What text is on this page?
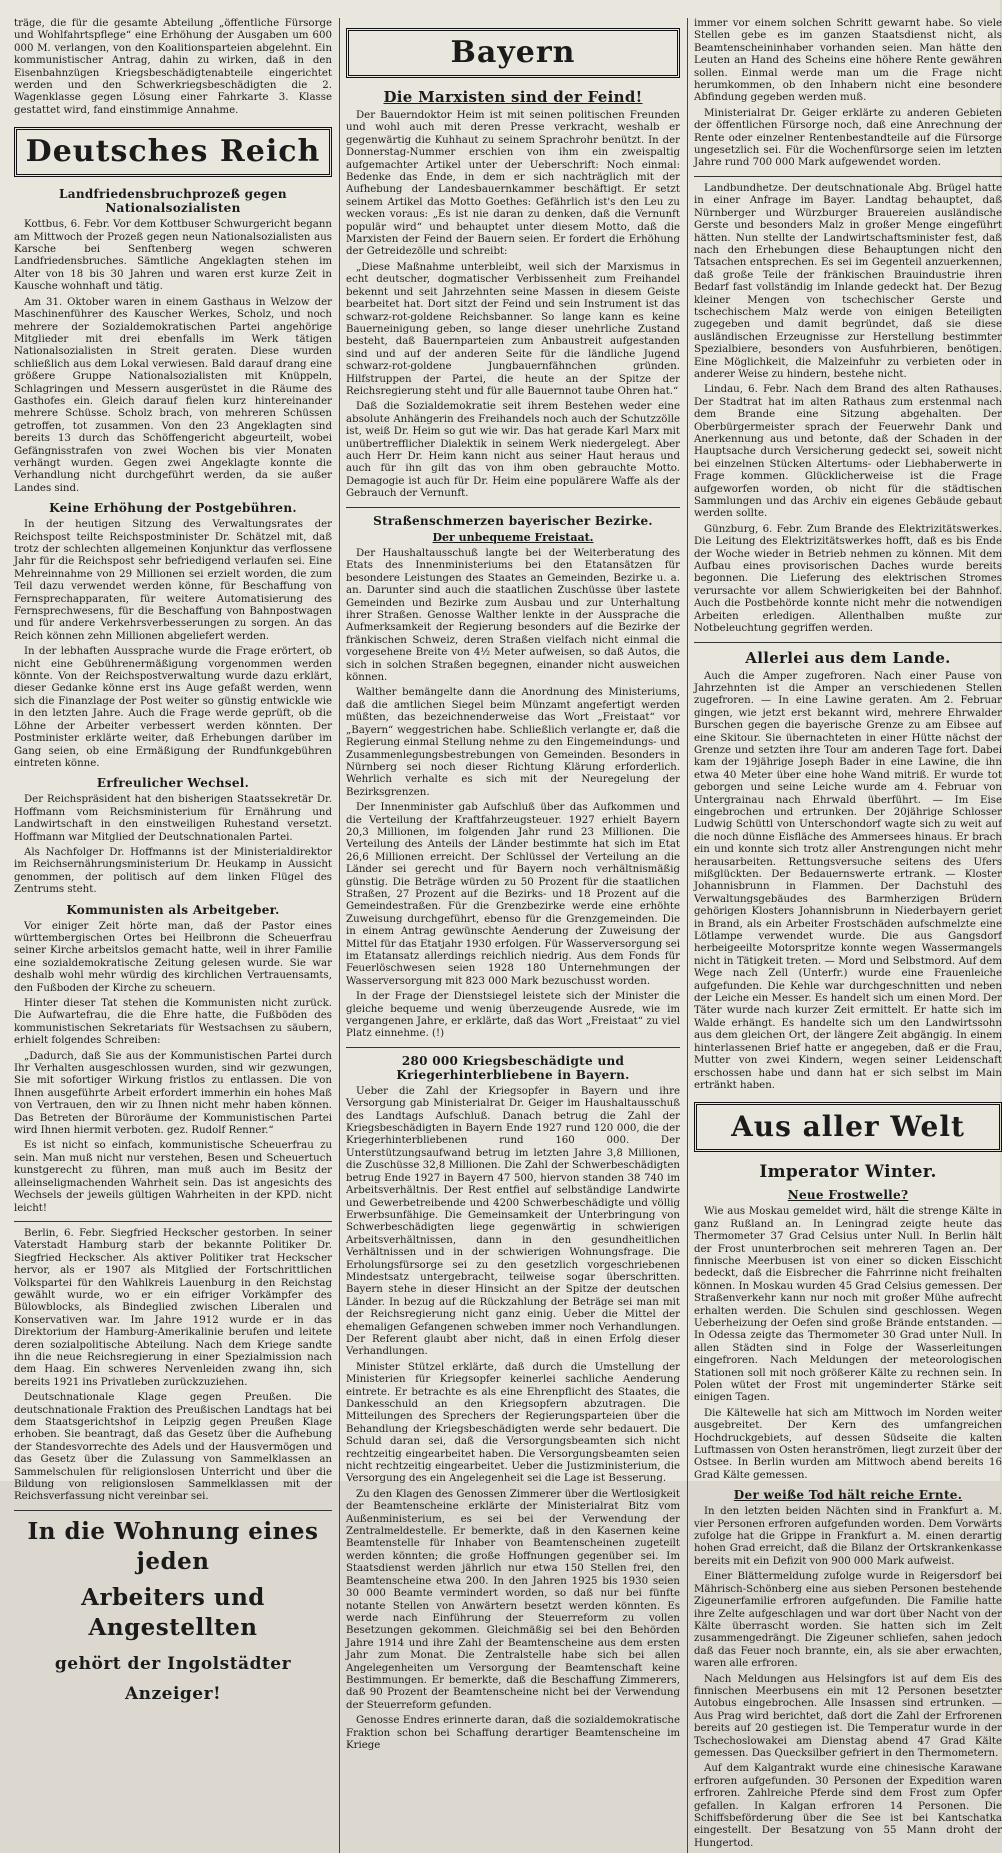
träge, die für die gesamte Abteilung „öffentliche Fürsorge und Wohlfahrtspflege“ eine Erhöhung der Ausgaben um 600 000 M. verlangen, von den Koalitionsparteien abgelehnt. Ein kommunistischer Antrag, dahin zu wirken, daß in den Eisenbahnzügen Kriegsbeschädigtenabteile eingerichtet werden und den Schwerkriegsbeschädigten die 2. Wagenklasse gegen Lösung einer Fahrkarte 3. Klasse gestattet wird, fand einstimmige Annahme.

Deutsches Reich
Landfriedensbruchprozeß gegen Nationalsozialisten

Kottbus, 6. Febr. Vor dem Kottbuser Schwurgericht begann am Mittwoch der Prozeß gegen neun Nationalsozialisten aus Karsche bei Senftenberg wegen schweren Landfriedensbruches. Sämtliche Angeklagten stehen im Alter von 18 bis 30 Jahren und waren erst kurze Zeit in Kausche wohnhaft und tätig.

Am 31. Oktober waren in einem Gasthaus in Welzow der Maschinenführer des Kauscher Werkes, Scholz, und noch mehrere der Sozialdemokratischen Partei angehörige Mitglieder mit drei ebenfalls im Werk tätigen Nationalsozialisten in Streit geraten. Diese wurden schließlich aus dem Lokal verwiesen. Bald darauf drang eine größere Gruppe Nationalsozialisten mit Knüppeln, Schlagringen und Messern ausgerüstet in die Räume des Gasthofes ein. Gleich darauf fielen kurz hintereinander mehrere Schüsse. Scholz brach, von mehreren Schüssen getroffen, tot zusammen. Von den 23 Angeklagten sind bereits 13 durch das Schöffengericht abgeurteilt, wobei Gefängnisstrafen von zwei Wochen bis vier Monaten verhängt wurden. Gegen zwei Angeklagte konnte die Verhandlung nicht durchgeführt werden, da sie außer Landes sind.

Keine Erhöhung der Postgebühren.

In der heutigen Sitzung des Verwaltungsrates der Reichspost teilte Reichspostminister Dr. Schätzel mit, daß trotz der schlechten allgemeinen Konjunktur das verflossene Jahr für die Reichspost sehr befriedigend verlaufen sei. Eine Mehreinnahme von 29 Millionen sei erzielt worden, die zum Teil dazu verwendet werden könne, für Beschaffung von Fernsprechapparaten, für weitere Automatisierung des Fernsprechwesens, für die Beschaffung von Bahnpostwagen und für andere Verkehrsverbesserungen zu sorgen. An das Reich können zehn Millionen abgeliefert werden.

In der lebhaften Aussprache wurde die Frage erörtert, ob nicht eine Gebührenermäßigung vorgenommen werden könnte. Von der Reichspostverwaltung wurde dazu erklärt, dieser Gedanke könne erst ins Auge gefaßt werden, wenn sich die Finanzlage der Post weiter so günstig entwickle wie in den letzten Jahre. Auch die Frage werde geprüft, ob die Löhne der Arbeiter verbessert werden könnten. Der Postminister erklärte weiter, daß Erhebungen darüber im Gang seien, ob eine Ermäßigung der Rundfunkgebühren eintreten könne.

Erfreulicher Wechsel.

Der Reichspräsident hat den bisherigen Staatssekretär Dr. Hoffmann vom Reichsministerium für Ernährung und Landwirtschaft in den einstweiligen Ruhestand versetzt. Hoffmann war Mitglied der Deutschnationalen Partei.

Als Nachfolger Dr. Hoffmanns ist der Ministerialdirektor im Reichsernährungsministerium Dr. Heukamp in Aussicht genommen, der politisch auf dem linken Flügel des Zentrums steht.

Kommunisten als Arbeitgeber.

Vor einiger Zeit hörte man, daß der Pastor eines württembergischen Ortes bei Heilbronn die Scheuerfrau seiner Kirche arbeitslos gemacht hatte, weil in ihrer Familie eine sozialdemokratische Zeitung gelesen wurde. Sie war deshalb wohl mehr würdig des kirchlichen Vertrauensamts, den Fußboden der Kirche zu scheuern.

Hinter dieser Tat stehen die Kommunisten nicht zurück. Die Aufwartefrau, die die Ehre hatte, die Fußböden des kommunistischen Sekretariats für Westsachsen zu säubern, erhielt folgendes Schreiben:

„Dadurch, daß Sie aus der Kommunistischen Partei durch Ihr Verhalten ausgeschlossen wurden, sind wir gezwungen, Sie mit sofortiger Wirkung fristlos zu entlassen. Die von Ihnen ausgeführte Arbeit erfordert immerhin ein hohes Maß von Vertrauen, den wir zu Ihnen nicht mehr haben können. Das Betreten der Büroräume der Kommunistischen Partei wird Ihnen hiermit verboten. gez. Rudolf Renner.“

Es ist nicht so einfach, kommunistische Scheuerfrau zu sein. Man muß nicht nur verstehen, Besen und Scheuertuch kunstgerecht zu führen, man muß auch im Besitz der alleinseligmachenden Wahrheit sein. Das ist angesichts des Wechsels der jeweils gültigen Wahrheiten in der KPD. nicht leicht!

Berlin, 6. Febr. Siegfried Heckscher gestorben. In seiner Vaterstadt Hamburg starb der bekannte Politiker Dr. Siegfried Heckscher. Als aktiver Politiker trat Heckscher hervor, als er 1907 als Mitglied der Fortschrittlichen Volkspartei für den Wahlkreis Lauenburg in den Reichstag gewählt wurde, wo er ein eifriger Vorkämpfer des Bülowblocks, als Bindeglied zwischen Liberalen und Konservativen war. Im Jahre 1912 wurde er in das Direktorium der Hamburg-Amerikalinie berufen und leitete deren sozialpolitische Abteilung. Nach dem Kriege sandte ihn die neue Reichsregierung in einer Spezialmission nach dem Haag. Ein schweres Nervenleiden zwang ihn, sich bereits 1921 ins Privatleben zurückzuziehen.

Deutschnationale Klage gegen Preußen. Die deutschnationale Fraktion des Preußischen Landtags hat bei dem Staatsgerichtshof in Leipzig gegen Preußen Klage erhoben. Sie beantragt, daß das Gesetz über die Aufhebung der Standesvorrechte des Adels und der Hausvermögen und das Gesetz über die Zulassung von Sammelklassen an Sammelschulen für religionslosen Unterricht und über die Bildung von religionslosen Sammelklassen mit der Reichsverfassung nicht vereinbar sei.

In die Wohnung eines jeden
Arbeiters und Angestellten
gehört der Ingolstädter Anzeiger!
Bayern
Die Marxisten sind der Feind!

Der Bauerndoktor Heim ist mit seinen politischen Freunden und wohl auch mit deren Presse verkracht, weshalb er gegenwärtig die Kuhhaut zu seinem Sprachrohr benützt. In der Donnerstag-Nummer erschien von ihm ein zweispaltig aufgemachter Artikel unter der Ueberschrift: Noch einmal: Bedenke das Ende, in dem er sich nachträglich mit der Aufhebung der Landesbauernkammer beschäftigt. Er setzt seinem Artikel das Motto Goethes: Gefährlich ist's den Leu zu wecken voraus: „Es ist nie daran zu denken, daß die Vernunft populär wird“ und behauptet unter diesem Motto, daß die Marxisten der Feind der Bauern seien. Er fordert die Erhöhung der Getreidezölle und schreibt:

„Diese Maßnahme unterbleibt, weil sich der Marxismus in echt deutscher, dogmatischer Verbissenheit zum Freihandel bekennt und seit Jahrzehnten seine Massen in diesem Geiste bearbeitet hat. Dort sitzt der Feind und sein Instrument ist das schwarz-rot-goldene Reichsbanner. So lange kann es keine Bauerneinigung geben, so lange dieser unehrliche Zustand besteht, daß Bauernparteien zum Anbaustreit aufgestanden sind und auf der anderen Seite für die ländliche Jugend schwarz-rot-goldene Jungbauernfähnchen gründen. Hilfstruppen der Partei, die heute an der Spitze der Reichsregierung steht und für alle Bauernnot taube Ohren hat.“

Daß die Sozialdemokratie seit ihrem Bestehen weder eine absolute Anhängerin des Freihandels noch auch der Schutzzölle ist, weiß Dr. Heim so gut wie wir. Das hat gerade Karl Marx mit unübertrefflicher Dialektik in seinem Werk niedergelegt. Aber auch Herr Dr. Heim kann nicht aus seiner Haut heraus und auch für ihn gilt das von ihm oben gebrauchte Motto. Demagogie ist auch für Dr. Heim eine populärere Waffe als der Gebrauch der Vernunft.

Straßenschmerzen bayerischer Bezirke.
Der unbequeme Freistaat.

Der Haushaltausschuß langte bei der Weiterberatung des Etats des Innenministeriums bei den Etatansätzen für besondere Leistungen des Staates an Gemeinden, Bezirke u. a. an. Darunter sind auch die staatlichen Zuschüsse über lastete Gemeinden und Bezirke zum Ausbau und zur Unterhaltung ihrer Straßen. Genosse Walther lenkte in der Aussprache die Aufmerksamkeit der Regierung besonders auf die Bezirke der fränkischen Schweiz, deren Straßen vielfach nicht einmal die vorgesehene Breite von 4½ Meter aufweisen, so daß Autos, die sich in solchen Straßen begegnen, einander nicht ausweichen können.

Walther bemängelte dann die Anordnung des Ministeriums, daß die amtlichen Siegel beim Münzamt angefertigt werden müßten, das bezeichnenderweise das Wort „Freistaat“ vor „Bayern“ weggestrichen habe. Schließlich verlangte er, daß die Regierung einmal Stellung nehme zu den Eingemeindungs- und Zusammenlegungsbestrebungen von Gemeinden. Besonders in Nürnberg sei noch dieser Richtung Klärung erforderlich. Wehrlich verhalte es sich mit der Neuregelung der Bezirksgrenzen.

Der Innenminister gab Aufschluß über das Aufkommen und die Verteilung der Kraftfahrzeugsteuer. 1927 erhielt Bayern 20,3 Millionen, im folgenden Jahr rund 23 Millionen. Die Verteilung des Anteils der Länder bestimmte hat sich im Etat 26,6 Millionen erreicht. Der Schlüssel der Verteilung an die Länder sei gerecht und für Bayern noch verhältnismäßig günstig. Die Beträge würden zu 50 Prozent für die staatlichen Straßen, 27 Prozent auf die Bezirks- und 18 Prozent auf die Gemeindestraßen. Für die Grenzbezirke werde eine erhöhte Zuweisung durchgeführt, ebenso für die Grenzgemeinden. Die in einem Antrag gewünschte Aenderung der Zuweisung der Mittel für das Etatjahr 1930 erfolgen. Für Wasserversorgung sei im Etatansatz allerdings reichlich niedrig. Aus dem Fonds für Feuerlöschwesen seien 1928 180 Unternehmungen der Wasserversorgung mit 823 000 Mark bezuschusst worden.

In der Frage der Dienstsiegel leistete sich der Minister die gleiche bequeme und wenig überzeugende Ausrede, wie im vergangenen Jahre, er erklärte, daß das Wort „Freistaat“ zu viel Platz einnehme. (!)

280 000 Kriegsbeschädigte und Kriegerhinterbliebene in Bayern.

Ueber die Zahl der Kriegsopfer in Bayern und ihre Versorgung gab Ministerialrat Dr. Geiger im Haushaltausschuß des Landtags Aufschluß. Danach betrug die Zahl der Kriegsbeschädigten in Bayern Ende 1927 rund 120 000, die der Kriegerhinterbliebenen rund 160 000. Der Unterstützungsaufwand betrug im letzten Jahre 3,8 Millionen, die Zuschüsse 32,8 Millionen. Die Zahl der Schwerbeschädigten betrug Ende 1927 in Bayern 47 500, hiervon standen 38 740 im Arbeitsverhältnis. Der Rest entfiel auf selbständige Landwirte und Gewerbetreibende und 4200 Schwerbeschädigte und völlig Erwerbsunfähige. Die Gemeinsamkeit der Unterbringung von Schwerbeschädigten liege gegenwärtig in schwierigen Arbeitsverhältnissen, dann in den gesundheitlichen Verhältnissen und in der schwierigen Wohnungsfrage. Die Erholungsfürsorge sei zu den gesetzlich vorgeschriebenen Mindestsatz untergebracht, teilweise sogar überschritten. Bayern stehe in dieser Hinsicht an der Spitze der deutschen Länder. In bezug auf die Rückzahlung der Beträge sei man mit der Reichsregierung nicht ganz einig. Ueber die Mittel der ehemaligen Gefangenen schweben immer noch Verhandlungen. Der Referent glaubt aber nicht, daß in einen Erfolg dieser Verhandlungen.

Minister Stützel erklärte, daß durch die Umstellung der Ministerien für Kriegsopfer keinerlei sachliche Aenderung eintrete. Er betrachte es als eine Ehrenpflicht des Staates, die Dankesschuld an den Kriegsopfern abzutragen. Die Mitteilungen des Sprechers der Regierungsparteien über die Behandlung der Kriegsbeschädigten werde sehr bedauert. Die Schuld daran sei, daß die Versorgungsbeamten sich nicht rechtzeitig eingearbeitet haben. Die Versorgungsbeamten seien nicht rechtzeitig eingearbeitet. Ueber die Justizministerium, die Versorgung des ein Angelegenheit sei die Lage ist Besserung.

Zu den Klagen des Genossen Zimmerer über die Wertlosigkeit der Beamtenscheine erklärte der Ministerialrat Bitz vom Außenministerium, es sei bei der Verwendung der Zentralmeldestelle. Er bemerkte, daß in den Kasernen keine Beamtenstelle für Inhaber von Beamtenscheinen zugeteilt werden könnten; die große Hoffnungen gegenüber sei. Im Staatsdienst werden jährlich nur etwa 150 Stellen frei, den Beamtenscheine etwa 200. In den Jahren 1925 bis 1930 seien 30 000 Beamte vermindert worden, so daß nur bei fünfte notante Stellen von Anwärtern besetzt werden könnten. Es werde nach Einführung der Steuerreform zu vollen Besetzungen gekommen. Gleichmäßig sei bei den Behörden Jahre 1914 und ihre Zahl der Beamtenscheine aus dem ersten Jahr zum Monat. Die Zentralstelle habe sich bei allen Angelegenheiten um Versorgung der Beamtenschaft keine Bestimmungen. Er bemerkte, daß die Beschaffung Zimmerers, daß 90 Prozent der Beamtenscheine nicht bei der Verwendung der Steuerreform gefunden.

Genosse Endres erinnerte daran, daß die sozialdemokratische Fraktion schon bei Schaffung derartiger Beamtenscheine im Kriege

immer vor einem solchen Schritt gewarnt habe. So viele Stellen gebe es im ganzen Staatsdienst nicht, als Beamtenscheininhaber vorhanden seien. Man hätte den Leuten an Hand des Scheins eine höhere Rente gewähren sollen. Einmal werde man um die Frage nicht herumkommen, ob den Inhabern nicht eine besondere Abfindung gegeben werden muß.

Ministerialrat Dr. Geiger erklärte zu anderen Gebieten der öffentlichen Fürsorge noch, daß eine Anrechnung der Rente oder einzelner Rentenbestandteile auf die Fürsorge ungesetzlich sei. Für die Wochenfürsorge seien im letzten Jahre rund 700 000 Mark aufgewendet worden.

Landbundhetze. Der deutschnationale Abg. Brügel hatte in einer Anfrage im Bayer. Landtag behauptet, daß Nürnberger und Würzburger Brauereien ausländische Gerste und besonders Malz in großer Menge eingeführt hätten. Nun stellte der Landwirtschaftsminister fest, daß nach den Erhebungen diese Behauptungen nicht den Tatsachen entsprechen. Es sei im Gegenteil anzuerkennen, daß große Teile der fränkischen Brauindustrie ihren Bedarf fast vollständig im Inlande gedeckt hat. Der Bezug kleiner Mengen von tschechischer Gerste und tschechischem Malz werde von einigen Beteiligten zugegeben und damit begründet, daß sie diese ausländischen Erzeugnisse zur Herstellung bestimmter Spezialbiere, besonders von Ausfuhrbieren, benötigen. Eine Möglichkeit, die Malzeinfuhr zu verbieten oder in anderer Weise zu hindern, bestehe nicht.

Lindau, 6. Febr. Nach dem Brand des alten Rathauses. Der Stadtrat hat im alten Rathaus zum erstenmal nach dem Brande eine Sitzung abgehalten. Der Oberbürgermeister sprach der Feuerwehr Dank und Anerkennung aus und betonte, daß der Schaden in der Hauptsache durch Versicherung gedeckt sei, soweit nicht bei einzelnen Stücken Altertums- oder Liebhaberwerte in Frage kommen. Glücklicherweise ist die Frage aufgeworfen worden, ob nicht für die städtischen Sammlungen und das Archiv ein eigenes Gebäude gebaut werden sollte.

Günzburg, 6. Febr. Zum Brande des Elektrizitätswerkes. Die Leitung des Elektrizitätswerkes hofft, daß es bis Ende der Woche wieder in Betrieb nehmen zu können. Mit dem Aufbau eines provisorischen Daches wurde bereits begonnen. Die Lieferung des elektrischen Stromes verursachte vor allem Schwierigkeiten bei der Bahnhof. Auch die Postbehörde konnte nicht mehr die notwendigen Arbeiten erledigen. Allenthalben mußte zur Notbeleuchtung gegriffen werden.

Allerlei aus dem Lande.

Auch die Amper zugefroren. Nach einer Pause von Jahrzehnten ist die Amper an verschiedenen Stellen zugefroren. — In eine Lawine geraten. Am 2. Februar gingen, wie jetzt erst bekannt wird, mehrere Ehrwalder Burschen gegen die bayerische Grenze zu am Eibsee auf eine Skitour. Sie übernachteten in einer Hütte nächst der Grenze und setzten ihre Tour am anderen Tage fort. Dabei kam der 19jährige Joseph Bader in eine Lawine, die ihn etwa 40 Meter über eine hohe Wand mitriß. Er wurde tot geborgen und seine Leiche wurde am 4. Februar von Untergrainau nach Ehrwald überführt. — Im Eise eingebrochen und ertrunken. Der 20jährige Schlosser Ludwig Schüttl von Unterschondorf wagte sich zu weit auf die noch dünne Eisfläche des Ammersees hinaus. Er brach ein und konnte sich trotz aller Anstrengungen nicht mehr herausarbeiten. Rettungsversuche seitens des Ufers mißglückten. Der Bedauernswerte ertrank. — Kloster Johannisbrunn in Flammen. Der Dachstuhl des Verwaltungsgebäudes des Barmherzigen Brüdern gehörigen Klosters Johannisbrunn in Niederbayern geriet in Brand, als ein Arbeiter Frostschäden aufschmelzte eine Lötlampe verwendet wurde. Die aus Gangsdorf herbeigeeilte Motorspritze konnte wegen Wassermangels nicht in Tätigkeit treten. — Mord und Selbstmord. Auf dem Wege nach Zell (Unterfr.) wurde eine Frauenleiche aufgefunden. Die Kehle war durchgeschnitten und neben der Leiche ein Messer. Es handelt sich um einen Mord. Der Täter wurde nach kurzer Zeit ermittelt. Er hatte sich im Walde erhängt. Es handelte sich um den Landwirtssohn aus dem gleichen Ort, der längere Zeit abgängig. In einem hinterlassenen Brief hatte er angegeben, daß er die Frau, Mutter von zwei Kindern, wegen seiner Leidenschaft erschossen habe und dann hat er sich selbst im Main ertränkt haben.

Aus aller Welt
Imperator Winter.
Neue Frostwelle?

Wie aus Moskau gemeldet wird, hält die strenge Kälte in ganz Rußland an. In Leningrad zeigte heute das Thermometer 37 Grad Celsius unter Null. In Berlin hält der Frost ununterbrochen seit mehreren Tagen an. Der finnische Meerbusen ist von einer so dicken Eisschicht bedeckt, daß die Eisbrecher die Fahrrinne nicht freihalten können. In Moskau wurden 45 Grad Celsius gemessen. Der Straßenverkehr kann nur noch mit großer Mühe aufrecht erhalten werden. Die Schulen sind geschlossen. Wegen Ueberheizung der Oefen sind große Brände entstanden. — In Odessa zeigte das Thermometer 30 Grad unter Null. In allen Städten sind in Folge der Wasserleitungen eingefroren. Nach Meldungen der meteorologischen Stationen soll mit noch größerer Kälte zu rechnen sein. In Polen wütet der Frost mit ungeminderter Stärke seit einigen Tagen.

Die Kältewelle hat sich am Mittwoch im Norden weiter ausgebreitet. Der Kern des umfangreichen Hochdruckgebiets, auf dessen Südseite die kalten Luftmassen von Osten heranströmen, liegt zurzeit über der Ostsee. In Berlin wurden am Mittwoch abend bereits 16 Grad Kälte gemessen.

Der weiße Tod hält reiche Ernte.

In den letzten beiden Nächten sind in Frankfurt a. M. vier Personen erfroren aufgefunden worden. Dem Vorwärts zufolge hat die Grippe in Frankfurt a. M. einen derartig hohen Grad erreicht, daß die Bilanz der Ortskrankenkasse bereits mit ein Defizit von 900 000 Mark aufweist.

Einer Blättermeldung zufolge wurde in Reigersdorf bei Mährisch-Schönberg eine aus sieben Personen bestehende Zigeunerfamilie erfroren aufgefunden. Die Familie hatte ihre Zelte aufgeschlagen und war dort über Nacht von der Kälte überrascht worden. Sie hatten sich im Zelt zusammengedrängt. Die Zigeuner schliefen, sahen jedoch daß das Feuer noch brannte, ein, als sie aber erwachten, waren alle erfroren.

Nach Meldungen aus Helsingfors ist auf dem Eis des finnischen Meerbusens ein mit 12 Personen besetzter Autobus eingebrochen. Alle Insassen sind ertrunken. — Aus Prag wird berichtet, daß dort die Zahl der Erfrorenen bereits auf 20 gestiegen ist. Die Temperatur wurde in der Tschechoslowakei am Dienstag abend 47 Grad Kälte gemessen. Das Quecksilber gefriert in den Thermometern.

Auf dem Kalgantrakt wurde eine chinesische Karawane erfroren aufgefunden. 30 Personen der Expedition waren erfroren. Zahlreiche Pferde sind dem Frost zum Opfer gefallen. In Kalgan erfroren 14 Personen. Die Schiffsbeförderung über die See ist bei Kantschatka eingestellt. Der Besatzung von 55 Mann droht der Hungertod.
